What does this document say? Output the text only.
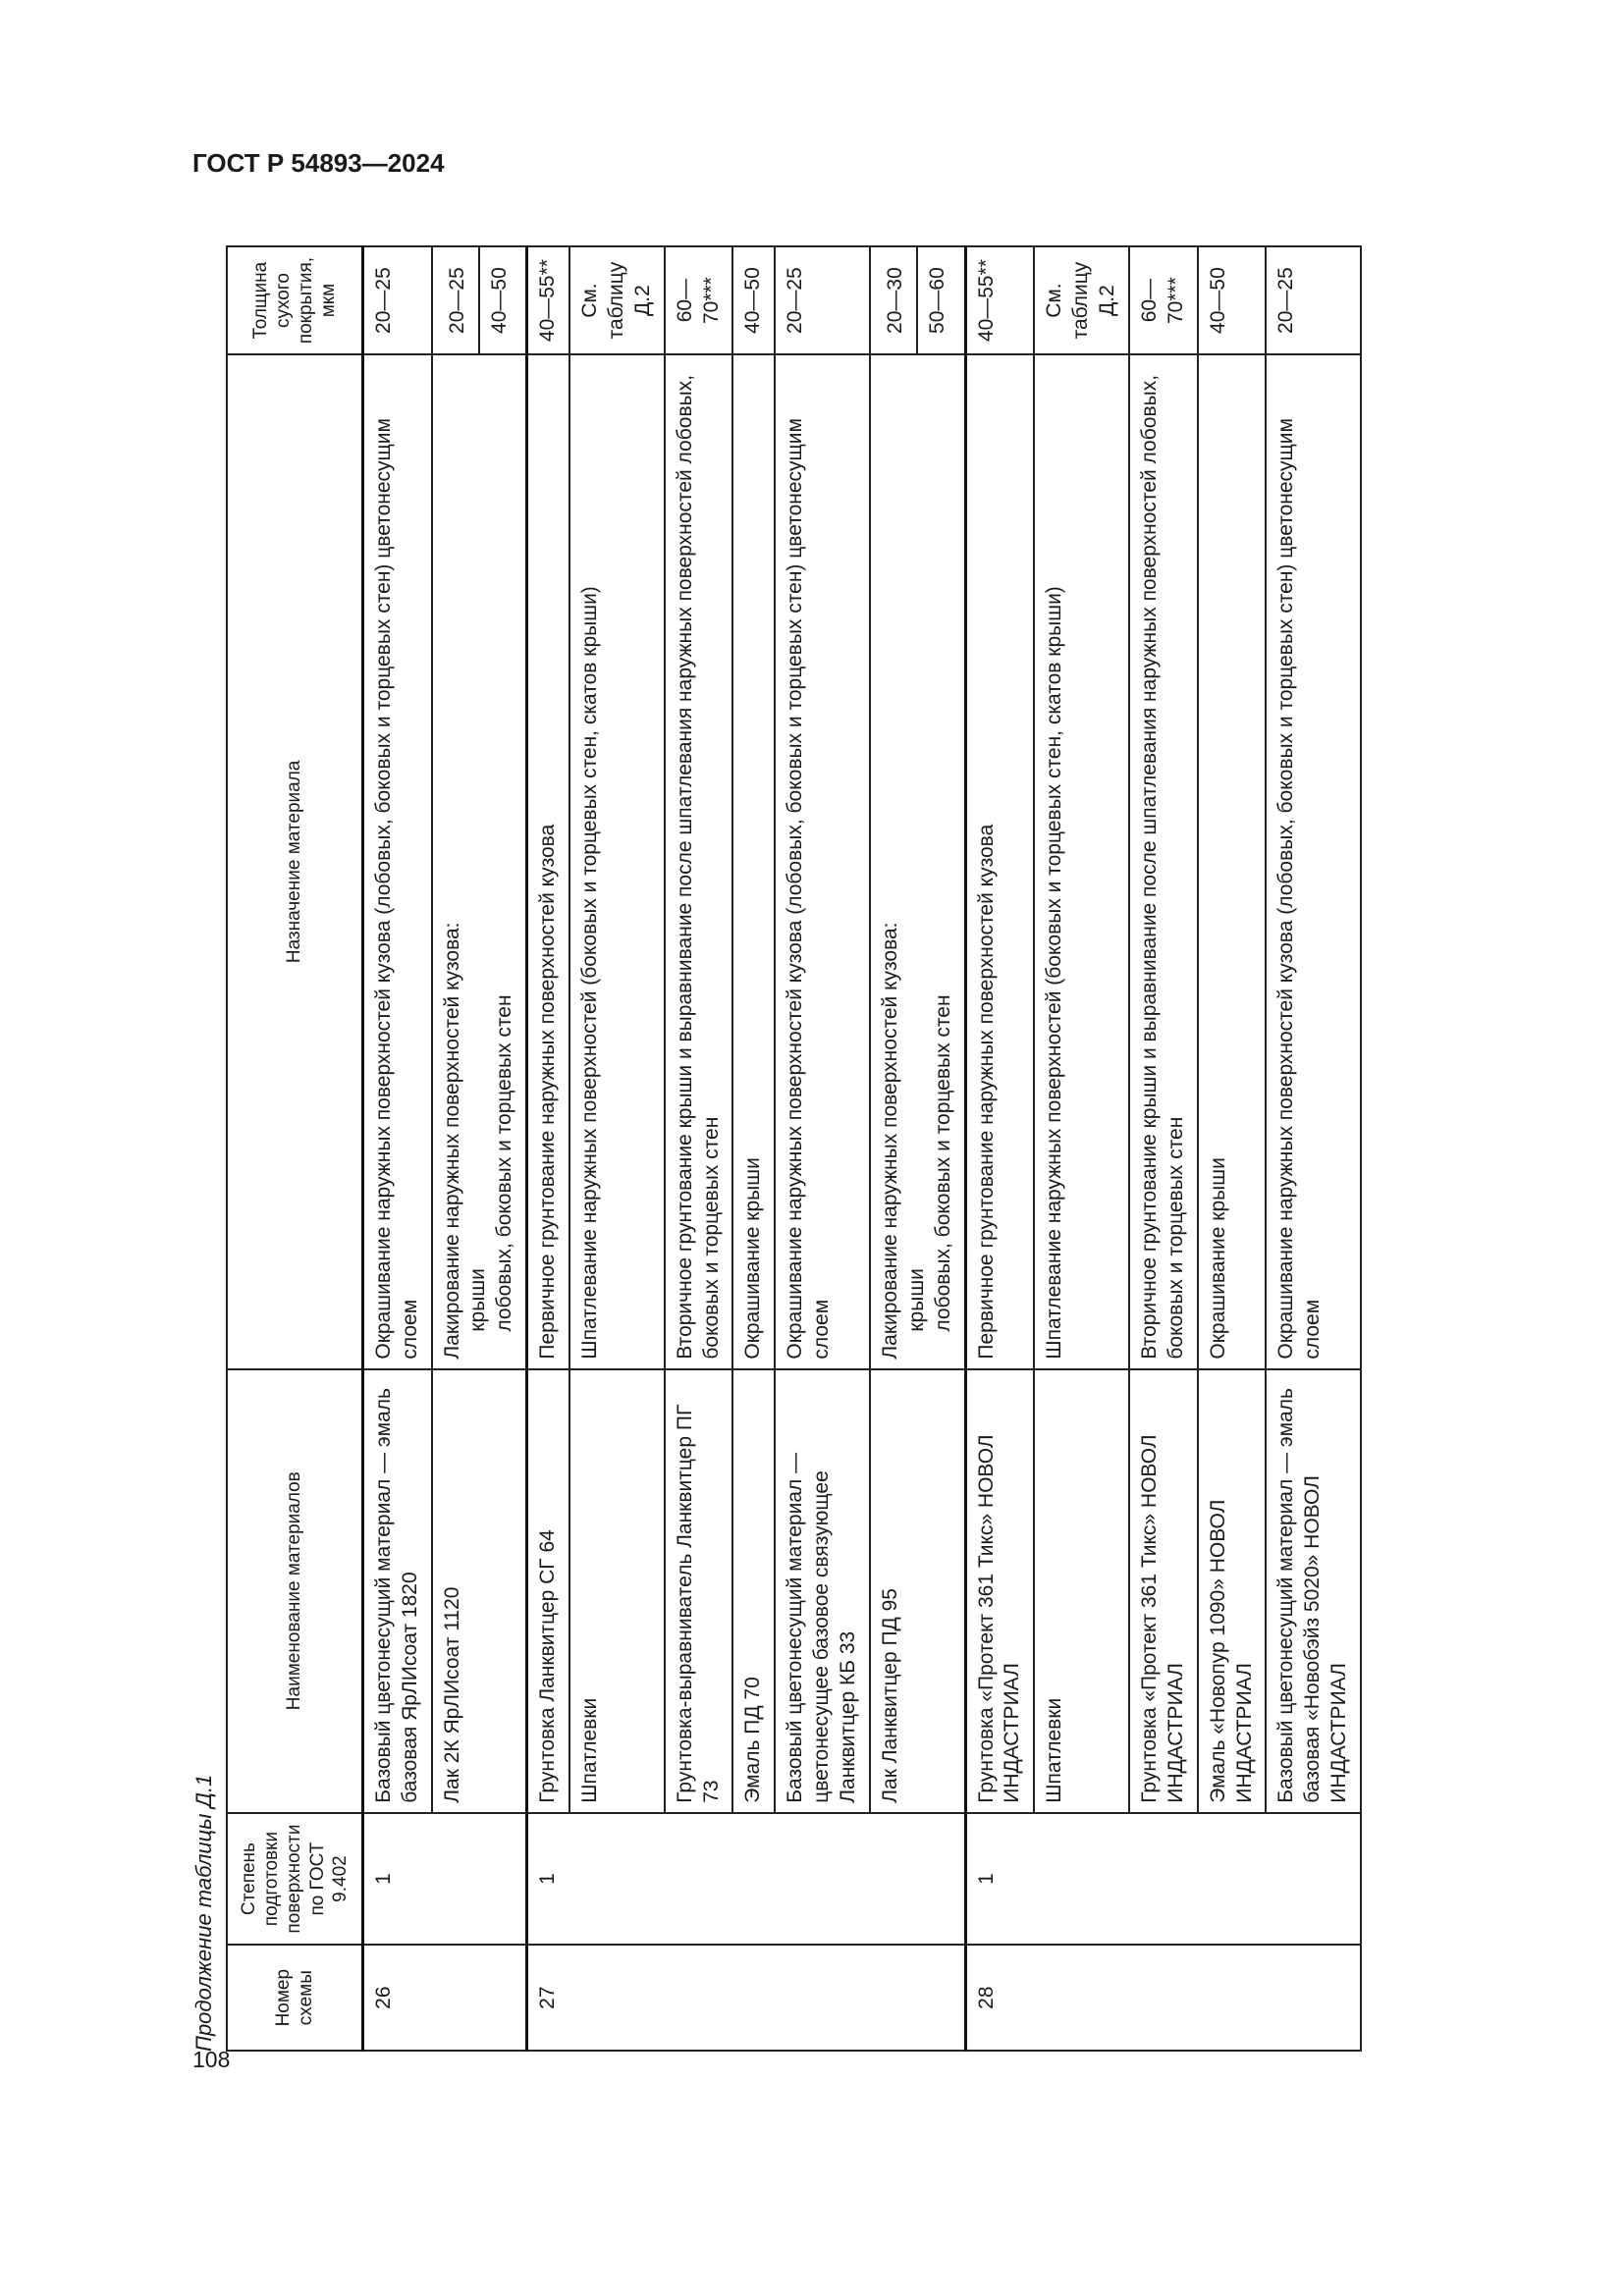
ГОСТ Р 54893—2024
108
Продолжение таблицы Д.1	Номер схемы	Степень подготовки поверхности по ГОСТ 9.402	Наименование материалов	Назначение материала	Толщина сухого покрытия, мкм
26	1	Базовый цветонесущий материал — эмаль базовая ЯрЛИсоат 1820	Окрашивание наружных поверхностей кузова (лобовых, боковых и торцевых стен) цветонесущим слоем	20—25
		Лак 2К ЯрЛИсоат 1120	Лакирование наружных поверхностей кузова: крыши лобовых, боковых и торцевых стен	20—25
				40—50
27	1	Грунтовка Ланквитцер СГ 64	Первичное грунтование наружных поверхностей кузова	40—55**
		Шпатлевки	Шпатлевание наружных поверхностей (боковых и торцевых стен, скатов крыши)	См. таблицу Д.2
		Грунтовка-выравниватель Ланквитцер ПГ 73	Вторичное грунтование крыши и выравнивание после шпатлевания наружных поверхностей лобовых, боковых и торцевых стен	60—70***
		Эмаль ПД 70	Окрашивание крыши	40—50
		Базовый цветонесущий материал — цветонесущее базовое связующее Ланквитцер КБ 33	Окрашивание наружных поверхностей кузова (лобовых, боковых и торцевых стен) цветонесущим слоем	20—25
		Лак Ланквитцер ПД 95	Лакирование наружных поверхностей кузова: крыши лобовых, боковых и торцевых стен	20—30
				50—60
28	1	Грунтовка «Протект 361 Тикс» НОВОЛ ИНДАСТРИАЛ	Первичное грунтование наружных поверхностей кузова	40—55**
		Шпатлевки	Шпатлевание наружных поверхностей (боковых и торцевых стен, скатов крыши)	См. таблицу Д.2
		Грунтовка «Протект 361 Тикс» НОВОЛ ИНДАСТРИАЛ	Вторичное грунтование крыши и выравнивание после шпатлевания наружных поверхностей лобовых, боковых и торцевых стен	60—70***
		Эмаль «Новопур 1090» НОВОЛ ИНДАСТРИАЛ	Окрашивание крыши	40—50
		Базовый цветонесущий материал — эмаль базовая «Новобэйз 5020» НОВОЛ ИНДАСТРИАЛ	Окрашивание наружных поверхностей кузова (лобовых, боковых и торцевых стен) цветонесущим слоем	20—25
